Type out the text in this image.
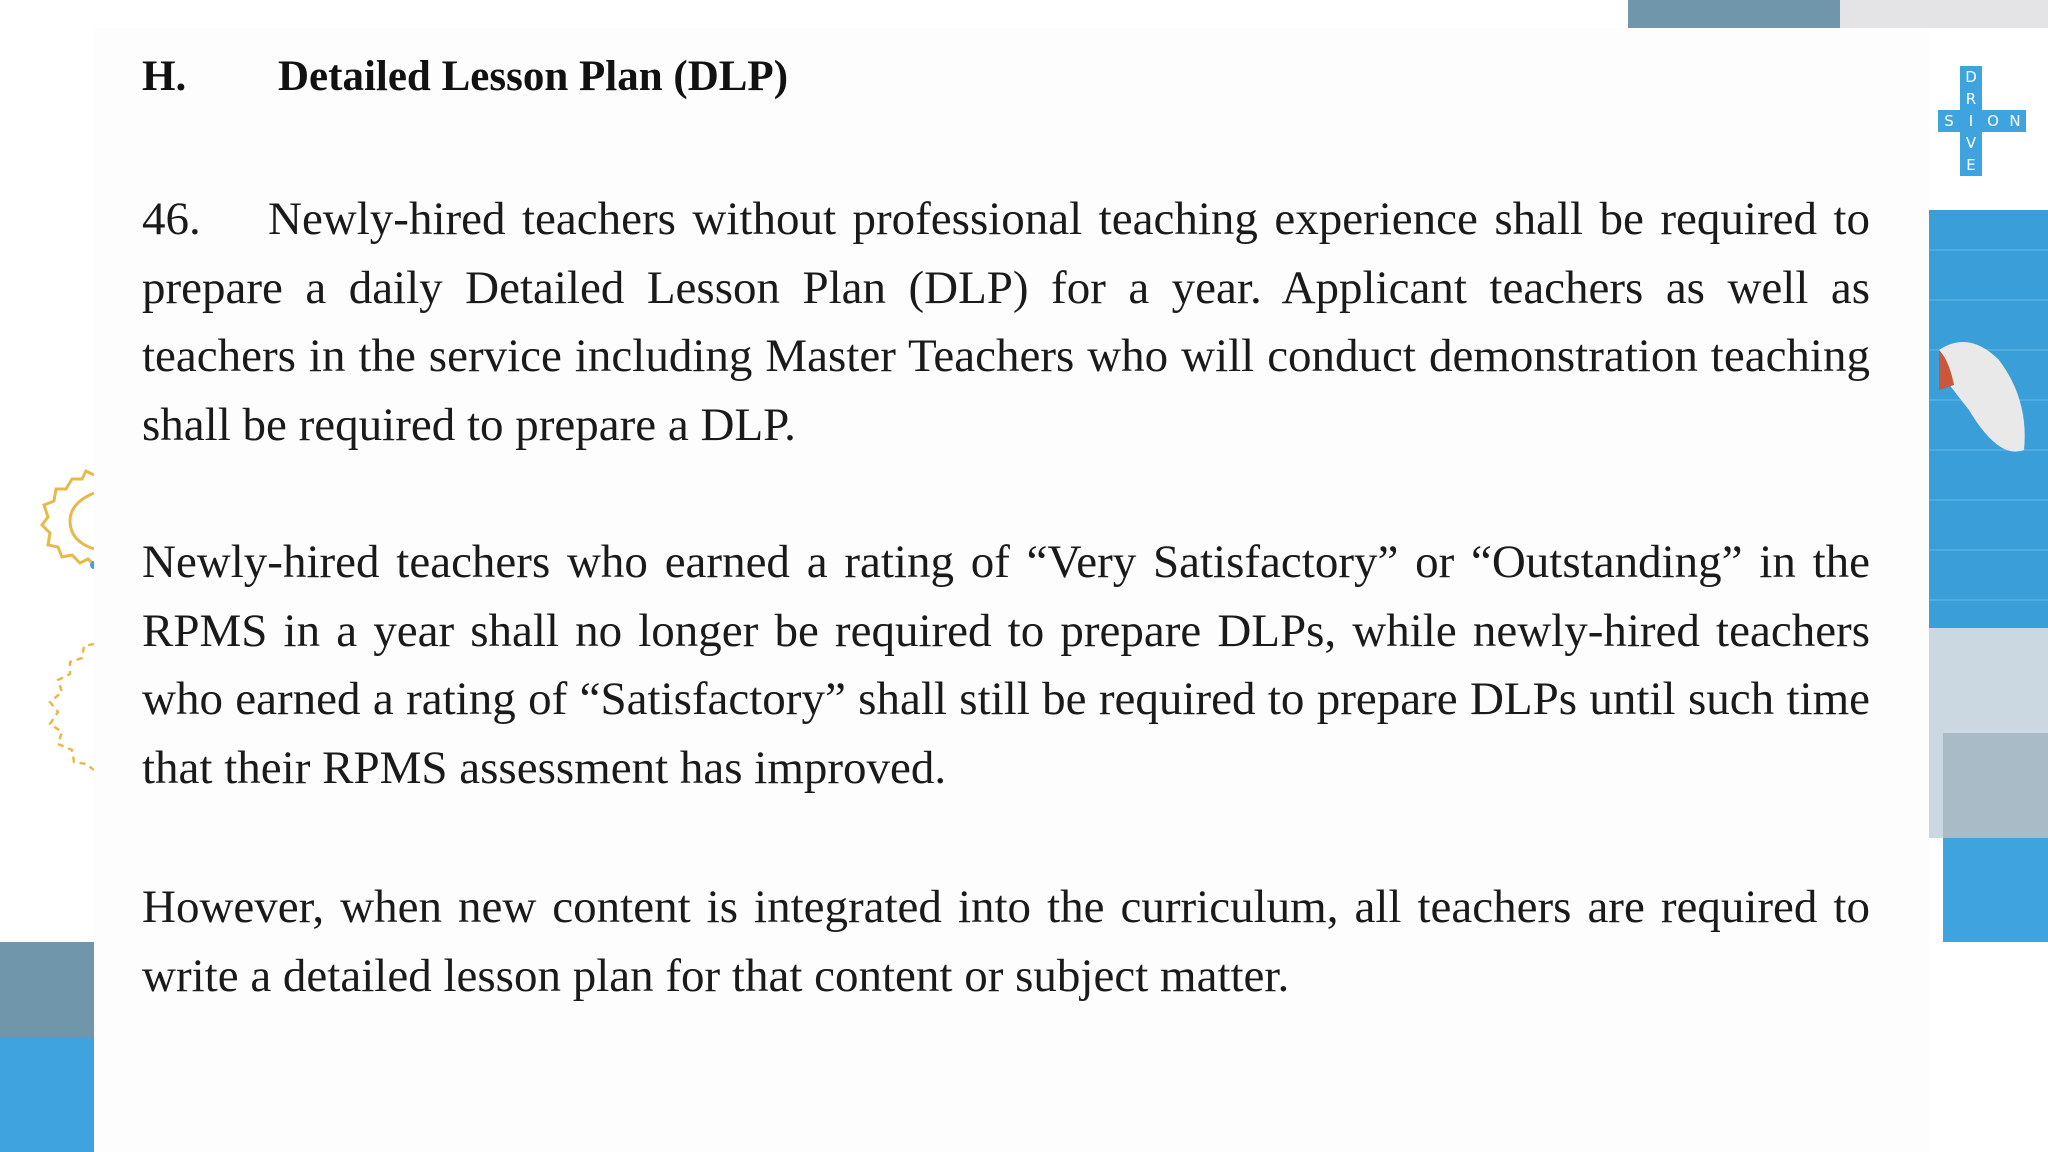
H.	Detailed Lesson Plan (DLP)

46. Newly-hired teachers without professional teaching experience shall be required to prepare a daily Detailed Lesson Plan (DLP) for a year. Applicant teachers as well as teachers in the service including Master Teachers who will conduct demonstration teaching shall be required to prepare a DLP.

Newly-hired teachers who earned a rating of “Very Satisfactory” or “Outstanding” in the RPMS in a year shall no longer be required to prepare DLPs, while newly-hired teachers who earned a rating of “Satisfactory” shall still be required to prepare DLPs until such time that their RPMS assessment has improved.

However, when new content is integrated into the curriculum, all teachers are required to write a detailed lesson plan for that content or subject matter.

D
R
S	I O N
V
E
